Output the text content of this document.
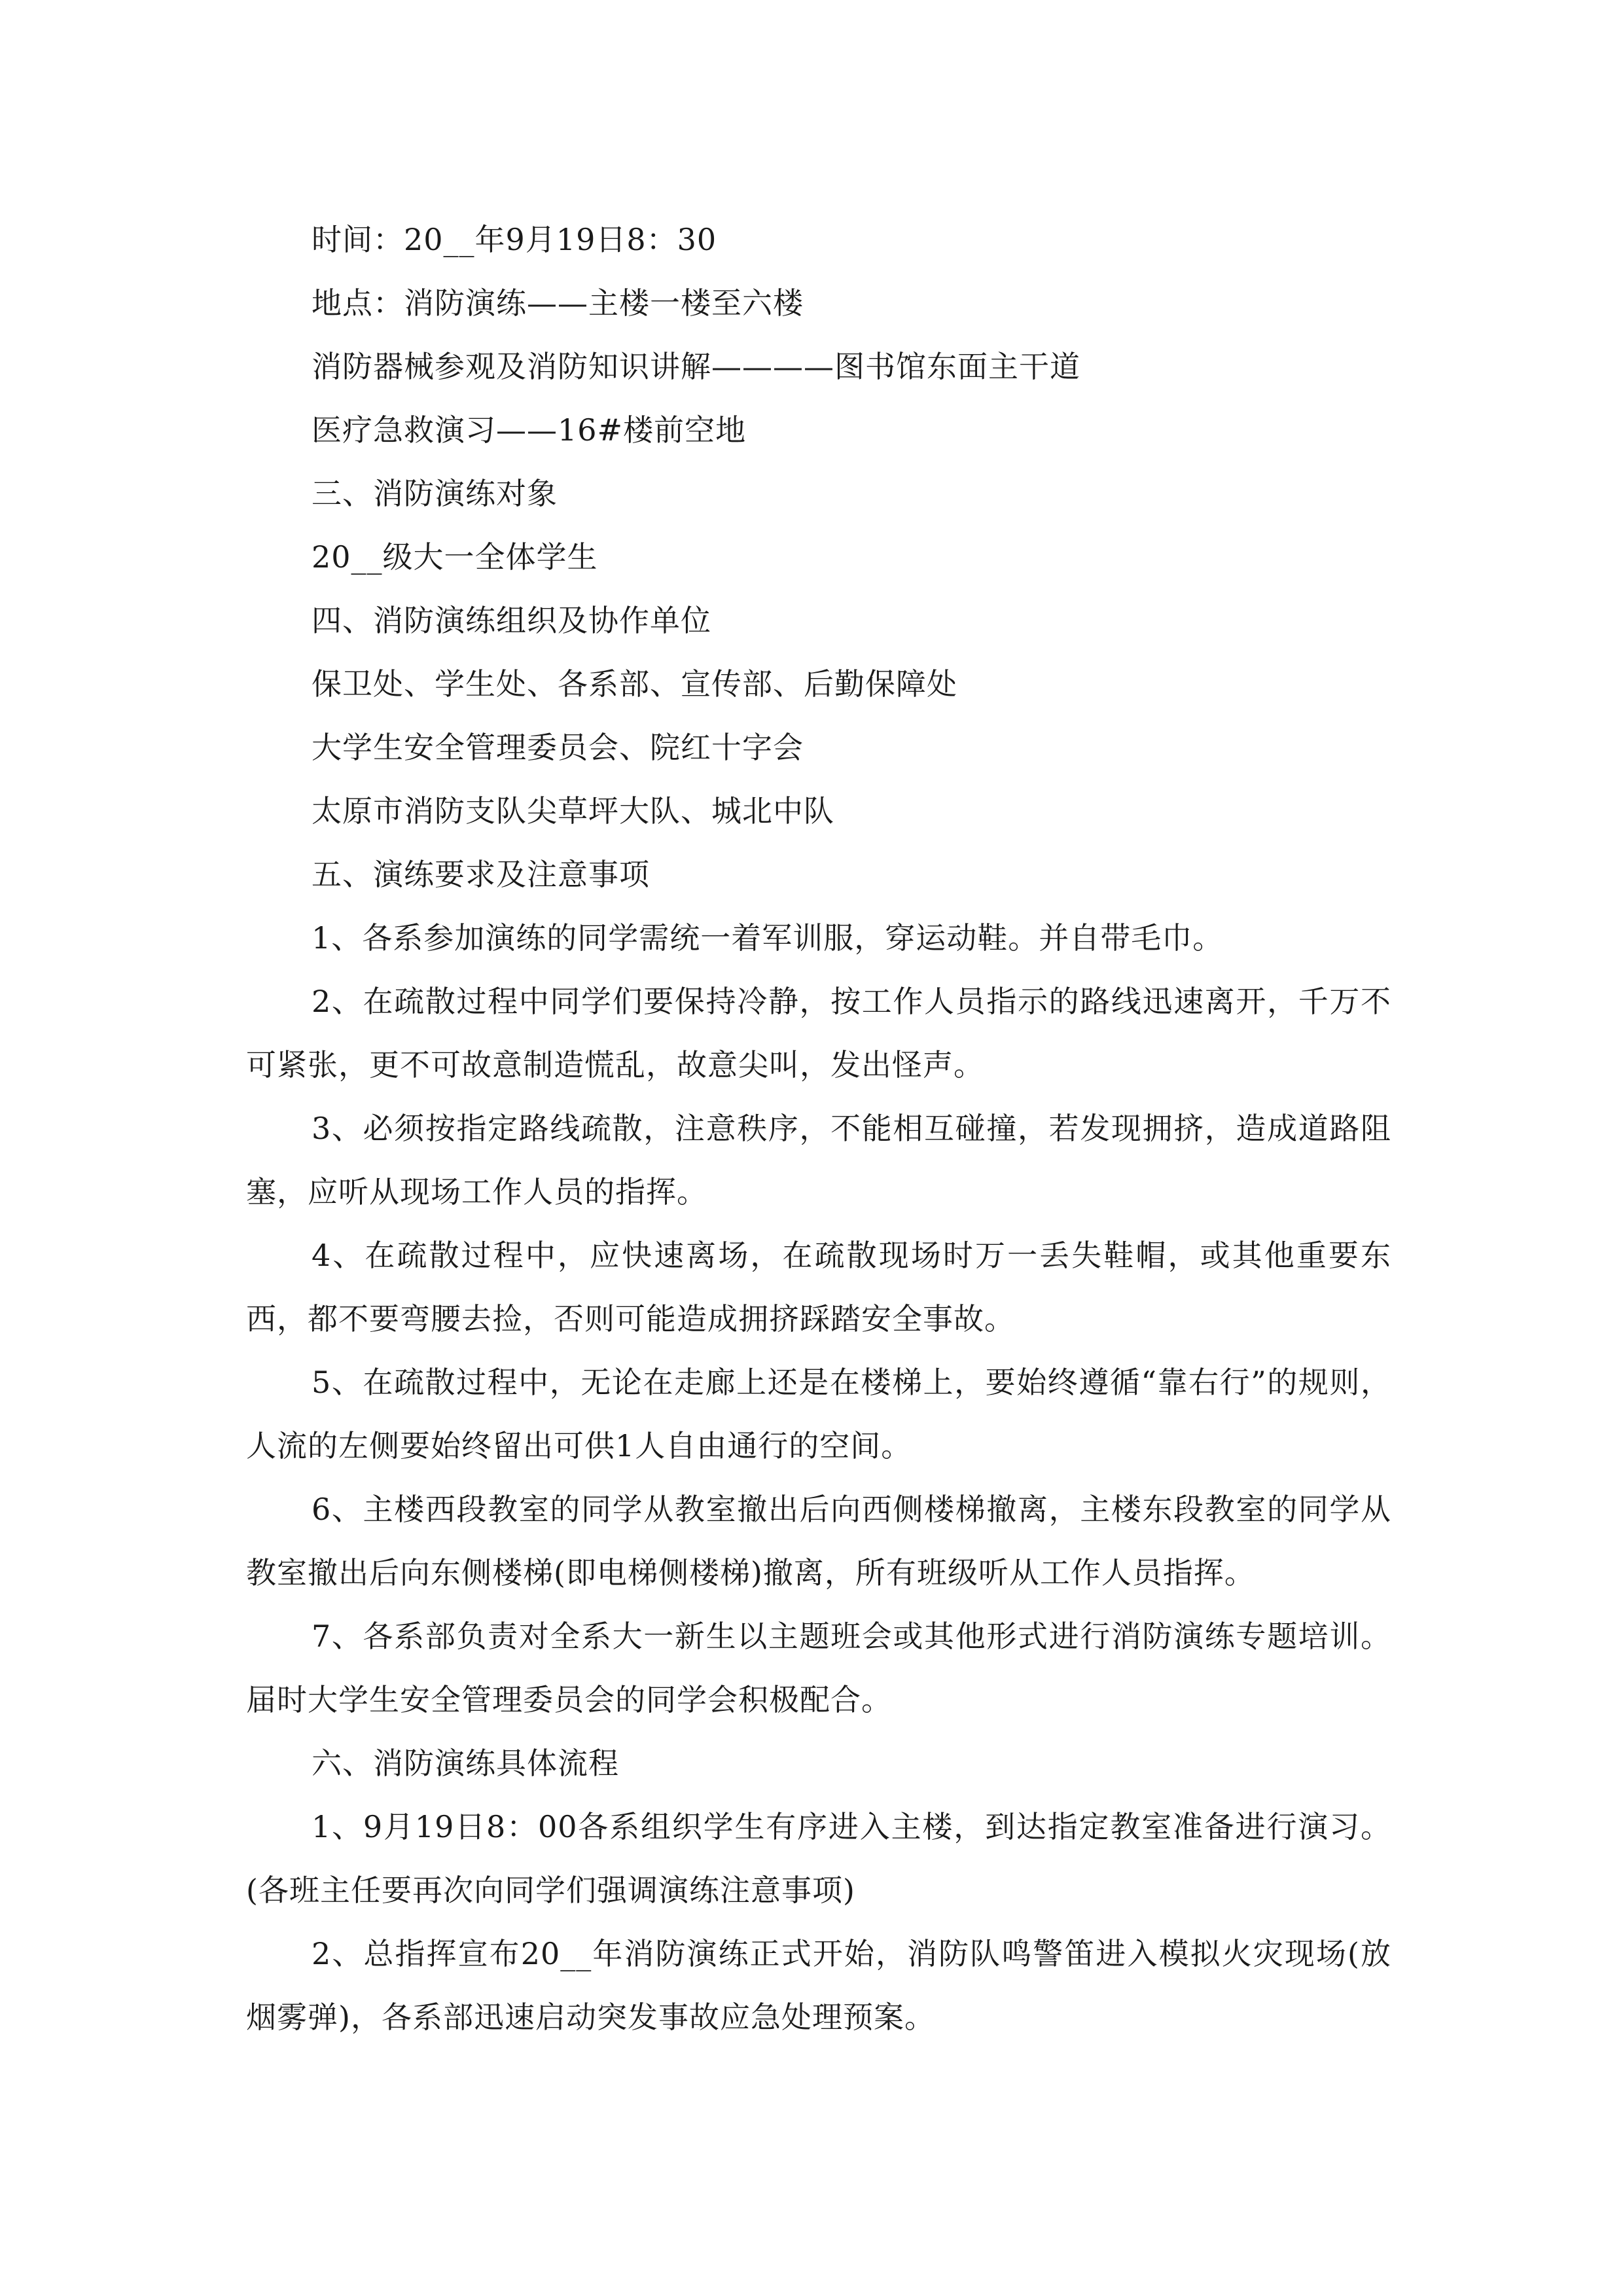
时间：20__年9月19日8：30
地点：消防演练——主楼一楼至六楼
消防器械参观及消防知识讲解————图书馆东面主干道
医疗急救演习——16#楼前空地
三、消防演练对象
20__级大一全体学生
四、消防演练组织及协作单位
保卫处、学生处、各系部、宣传部、后勤保障处
大学生安全管理委员会、院红十字会
太原市消防支队尖草坪大队、城北中队
五、演练要求及注意事项
1、各系参加演练的同学需统一着军训服，穿运动鞋。并自带毛巾。
2、在疏散过程中同学们要保持冷静，按工作人员指示的路线迅速离开，千万不可紧张，更不可故意制造慌乱，故意尖叫，发出怪声。
3、必须按指定路线疏散，注意秩序，不能相互碰撞，若发现拥挤，造成道路阻塞，应听从现场工作人员的指挥。
4、在疏散过程中，应快速离场，在疏散现场时万一丢失鞋帽，或其他重要东西，都不要弯腰去捡，否则可能造成拥挤踩踏安全事故。
5、在疏散过程中，无论在走廊上还是在楼梯上，要始终遵循“靠右行”的规则，人流的左侧要始终留出可供1人自由通行的空间。
6、主楼西段教室的同学从教室撤出后向西侧楼梯撤离，主楼东段教室的同学从教室撤出后向东侧楼梯(即电梯侧楼梯)撤离，所有班级听从工作人员指挥。
7、各系部负责对全系大一新生以主题班会或其他形式进行消防演练专题培训。届时大学生安全管理委员会的同学会积极配合。
六、消防演练具体流程
1、9月19日8：00各系组织学生有序进入主楼，到达指定教室准备进行演习。(各班主任要再次向同学们强调演练注意事项)
2、总指挥宣布20__年消防演练正式开始，消防队鸣警笛进入模拟火灾现场(放烟雾弹)，各系部迅速启动突发事故应急处理预案。
